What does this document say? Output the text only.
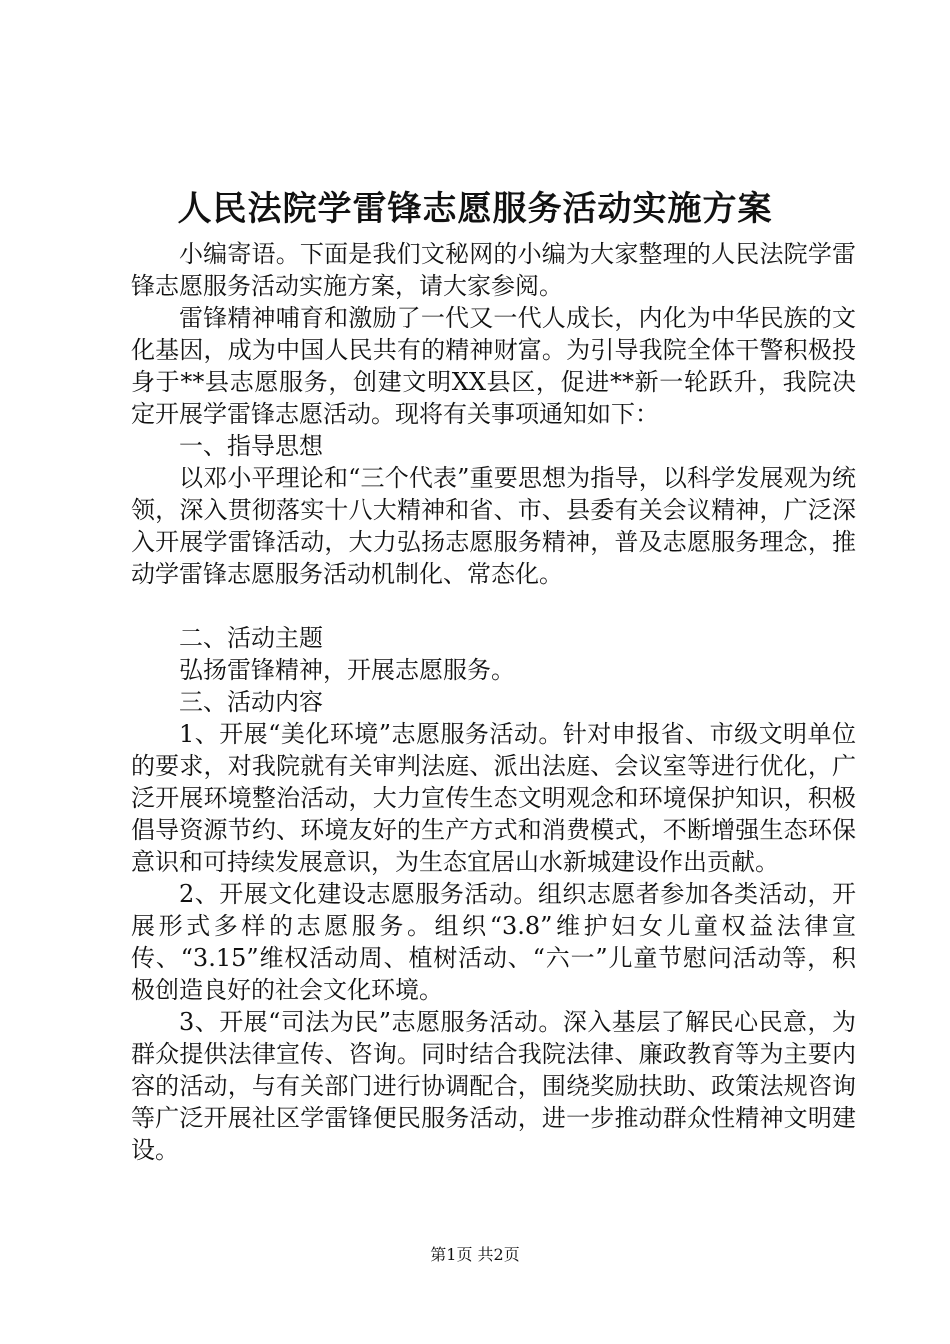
人民法院学雷锋志愿服务活动实施方案

小编寄语。下面是我们文秘网的小编为大家整理的人民法院学雷锋志愿服务活动实施方案，请大家参阅。

雷锋精神哺育和激励了一代又一代人成长，内化为中华民族的文化基因，成为中国人民共有的精神财富。为引导我院全体干警积极投身于**县志愿服务，创建文明XX县区，促进**新一轮跃升，我院决定开展学雷锋志愿活动。现将有关事项通知如下：

一、指导思想

以邓小平理论和“三个代表”重要思想为指导，以科学发展观为统领，深入贯彻落实十八大精神和省、市、县委有关会议精神，广泛深入开展学雷锋活动，大力弘扬志愿服务精神，普及志愿服务理念，推动学雷锋志愿服务活动机制化、常态化。

二、活动主题

弘扬雷锋精神，开展志愿服务。

三、活动内容

1、开展“美化环境”志愿服务活动。针对申报省、市级文明单位的要求，对我院就有关审判法庭、派出法庭、会议室等进行优化，广泛开展环境整治活动，大力宣传生态文明观念和环境保护知识，积极倡导资源节约、环境友好的生产方式和消费模式，不断增强生态环保意识和可持续发展意识，为生态宜居山水新城建设作出贡献。

2、开展文化建设志愿服务活动。组织志愿者参加各类活动，开展形式多样的志愿服务。组织“3.8”维护妇女儿童权益法律宣传、“3.15”维权活动周、植树活动、“六一”儿童节慰问活动等，积极创造良好的社会文化环境。

3、开展“司法为民”志愿服务活动。深入基层了解民心民意，为群众提供法律宣传、咨询。同时结合我院法律、廉政教育等为主要内容的活动，与有关部门进行协调配合，围绕奖励扶助、政策法规咨询等广泛开展社区学雷锋便民服务活动，进一步推动群众性精神文明建设。

第1页 共2页
